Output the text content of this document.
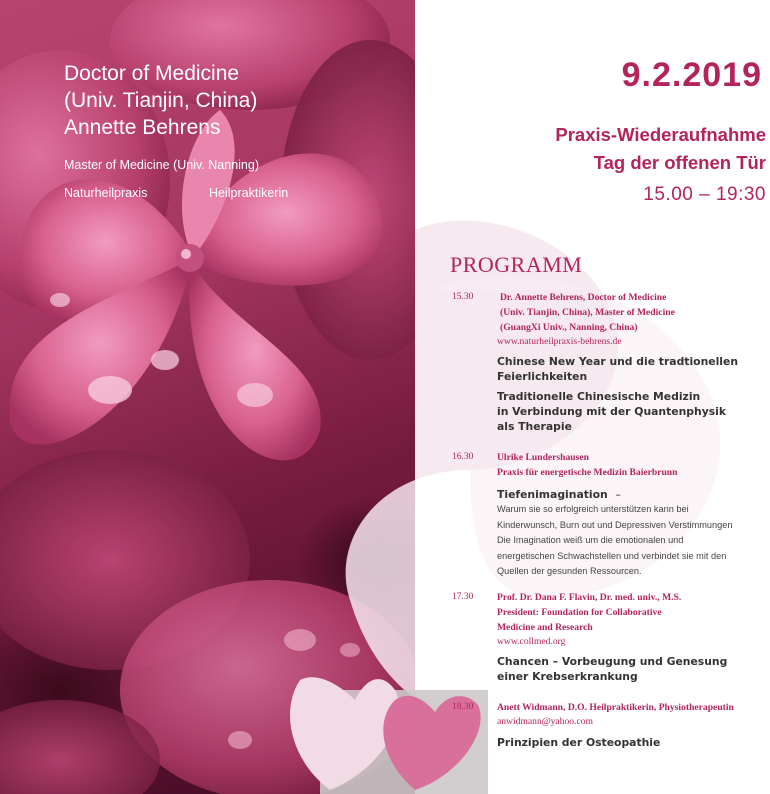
Doctor of Medicine
(Univ. Tianjin, China)
Annette Behrens
Master of Medicine (Univ. Nanning)
Naturheilpraxis	Heilpraktikerin
9.2.2019
Praxis-Wiederaufnahme
Tag der offenen Tür
15.00 – 19:30
PROGRAMM
15.30	Dr. Annette Behrens, Doctor of Medicine
(Univ. Tianjin, China), Master of Medicine
(GuangXi Univ., Nanning, China)
www.naturheilpraxis-behrens.de
Chinese New Year und die tradtionellen
Feierlichkeiten
Traditionelle Chinesische Medizin
in Verbindung mit der Quantenphysik
als Therapie
16.30 Ulrike Lundershausen
Praxis für energetische Medizin Baierbrunn
Tiefenimagination –
Warum sie so erfolgreich unterstützen kann bei
Kinderwunsch, Burn out und Depressiven Verstimmungen
Die Imagination weiß um die emotionalen und
energetischen Schwachstellen und verbindet sie mit den
Quellen der gesunden Ressourcen.
17.30 Prof. Dr. Dana F. Flavin, Dr. med. univ., M.S.
President: Foundation for Collaborative
Medicine and Research
www.collmed.org
Chancen – Vorbeugung und Genesung
einer Krebserkrankung
18.30 Anett Widmann, D.O. Heilpraktikerin, Physiotherapeutin
anwidmann@yahoo.com
Prinzipien der Osteopathie
